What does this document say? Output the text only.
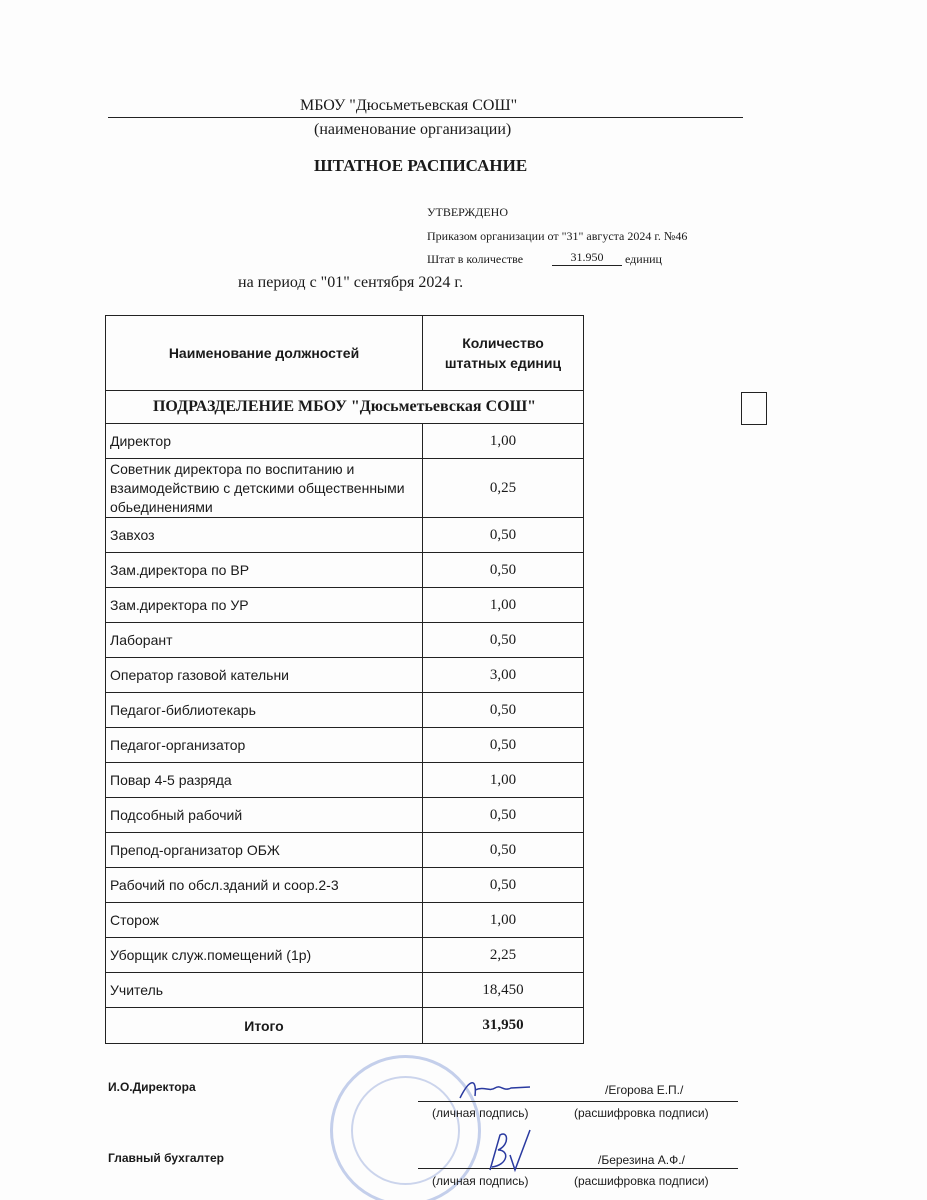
МБОУ "Дюсьметьевская СОШ"
(наименование организации)
ШТАТНОЕ РАСПИСАНИЕ
УТВЕРЖДЕНО
Приказом организации от "31" августа 2024 г. №46
Штат в количестве	31.950	единиц
на период с "01" сентября 2024 г.
Наименование должностей	Количество штатных единиц
ПОДРАЗДЕЛЕНИЕ МБОУ "Дюсьметьевская СОШ"	
Директор	1,00
Советник директора по воспитанию и взаимодействию с детскими общественными обьединениями	0,25
Завхоз	0,50
Зам.директора по ВР	0,50
Зам.директора по УР	1,00
Лаборант	0,50
Оператор газовой кательни	3,00
Педагог-библиотекарь	0,50
Педагог-организатор	0,50
Повар 4-5 разряда	1,00
Подсобный рабочий	0,50
Препод-организатор ОБЖ	0,50
Рабочий по обсл.зданий и соор.2-3	0,50
Сторож	1,00
Уборщик служ.помещений (1р)	2,25
Учитель	18,450
Итого	31,950
И.О.Директора	/Егорова Е.П./
(личная подпись)	(расшифровка подписи)
Главный бухгалтер	/Березина А.Ф./
(личная подпись)	(расшифровка подписи)
